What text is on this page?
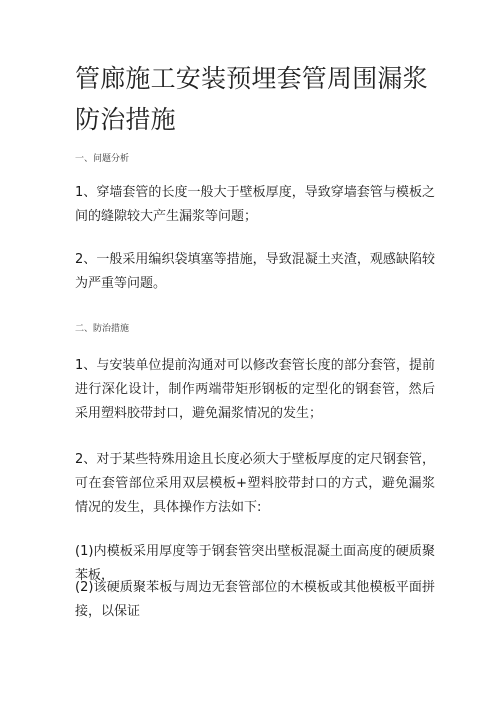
管廊施工安装预埋套管周围漏浆防治措施

一、问题分析

1、穿墙套管的长度一般大于壁板厚度，导致穿墙套管与模板之间的缝隙较大产生漏浆等问题；

2、一般采用编织袋填塞等措施，导致混凝土夹渣，观感缺陷较为严重等问题。

二、防治措施

1、与安装单位提前沟通对可以修改套管长度的部分套管，提前进行深化设计，制作两端带矩形钢板的定型化的钢套管，然后采用塑料胶带封口，避免漏浆情况的发生；

2、对于某些特殊用途且长度必须大于壁板厚度的定尺钢套管，可在套管部位采用双层模板+塑料胶带封口的方式，避免漏浆情况的发生，具体操作方法如下:

(1)内模板采用厚度等于钢套管突出壁板混凝土面高度的硬质聚苯板，

(2)该硬质聚苯板与周边无套管部位的木模板或其他模板平面拼接，以保证
